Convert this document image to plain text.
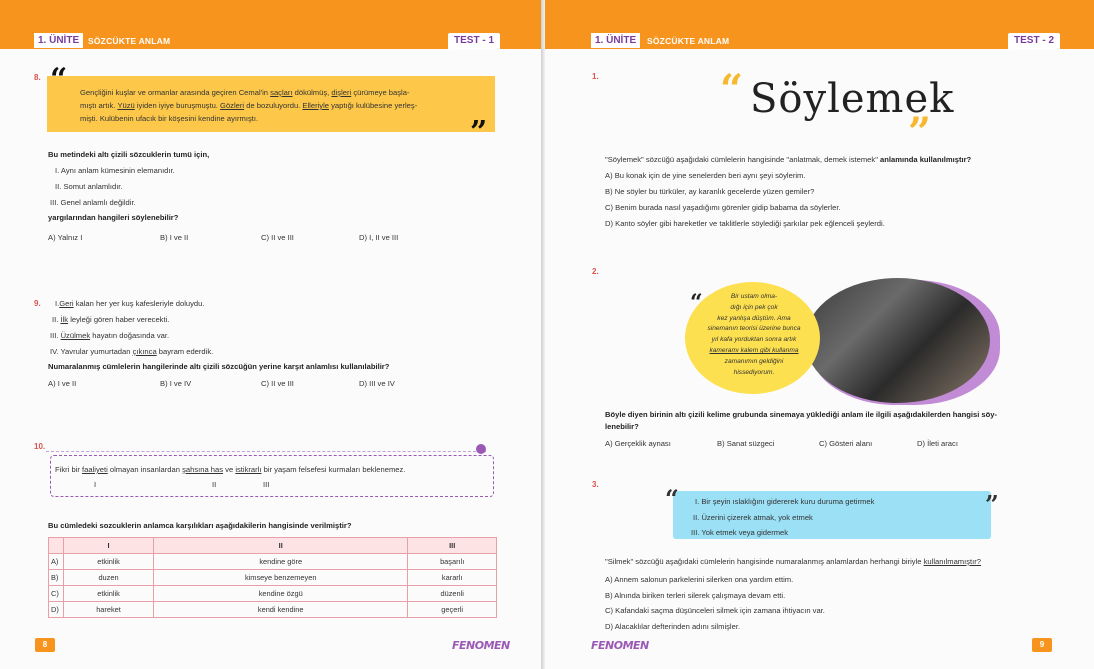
1. ÜNİTE	SÖZCÜKTE ANLAM	TEST - 1
8. “
”
Gençliğini kuşlar ve ormanlar arasında geçiren Cemal'in saçları dökülmüş, dişleri çürümeye başla-
mıştı artık. Yüzü iyiden iyiye buruşmuştu. Gözleri de bozuluyordu. Elleriyle yaptığı kulübesine yerleş-
mişti. Kulübenin ufacık bir köşesini kendine ayırmıştı.
Bu metindeki altı çizili sözcuklerin tumü için,
I. Aynı anlam kümesinin elemanıdır.
II. Somut anlamlıdır.
III. Genel anlamlı değildir.
yargılarından hangileri söylenebilir?
A) Yalnız I	B) I ve II	C) II ve III	D) I, II ve III
9. I.Geri kalan her yer kuş kafesleriyle doluydu.
II. İlk leyleği gören haber verecekti.
III. Üzülmek hayatın doğasında var.
IV. Yavrular yumurtadan çıkınca bayram ederdik.
Numaralanmış cümlelerin hangilerinde altı çizili sözcüğün yerine karşıt anlamlısı kullanılabilir?
A) I ve II	B) I ve IV	C) II ve III	D) III ve IV
10.
Fikri bir faaliyeti olmayan insanlardan şahsına has ve istikrarlı bir yaşam felsefesi kurmaları beklenemez.
I	II	III
Bu cümledeki sozcuklerin anlamca karşılıkları aşağıdakilerin hangisinde verilmiştir?
	I	II	III
A)	etkinlik	kendine göre	başarılı
B)	duzen	kimseye benzemeyen	kararlı
C)	etkinlik	kendine özgü	düzenli
D)	hareket	kendi kendine	geçerli
8	FENOMEN
1. ÜNİTE	SÖZCÜKTE ANLAM	TEST - 2
1.	“ Söylemek
”
"Söylemek" sözcüğü aşağıdaki cümlelerin hangisinde "anlatmak, demek istemek" anlamında kullanılmıştır?
A) Bu konak için de yine senelerden beri aynı şeyi söylerim.
B) Ne söyler bu türküler, ay karanlık gecelerde yüzen gemiler?
C) Benim burada nasıl yaşadığımı görenler gidip babama da söylerler.
D) Kanto söyler gibi hareketler ve taklitlerle söylediği şarkılar pek eğlenceli şeylerdi.
2.
“	Bir ustam olma-
dığı için pek çok
kez yanlışa düştüm. Ama
sinemanın teorisi üzerine bunca
yıl kafa yorduktan sonra artık
kameramı kalem gibi kullanma
zamanımın geldiğini
hissediyorum.
Böyle diyen birinin altı çizili kelime grubunda sinemaya yüklediği anlam ile ilgili aşağıdakilerden hangisi söy-
lenebilir?
A) Gerçeklik aynası	B) Sanat süzgeci	C) Gösteri alanı	D) İleti aracı
3.	“	”
I. Bir şeyin ıslaklığını gidererek kuru duruma getirmek
II. Üzerini çizerek atmak, yok etmek
III. Yok etmek veya gidermek
"Silmek" sözcüğü aşağıdaki cümlelerin hangisinde numaralanmış anlamlardan herhangi biriyle kullanılmamıştır?
A) Annem salonun parkelerini silerken ona yardım ettim.
B) Alnında biriken terleri silerek çalışmaya devam etti.
C) Kafandaki saçma düşünceleri silmek için zamana ihtiyacın var.
D) Alacaklılar defterinden adını silmişler.
FENOMEN	9
